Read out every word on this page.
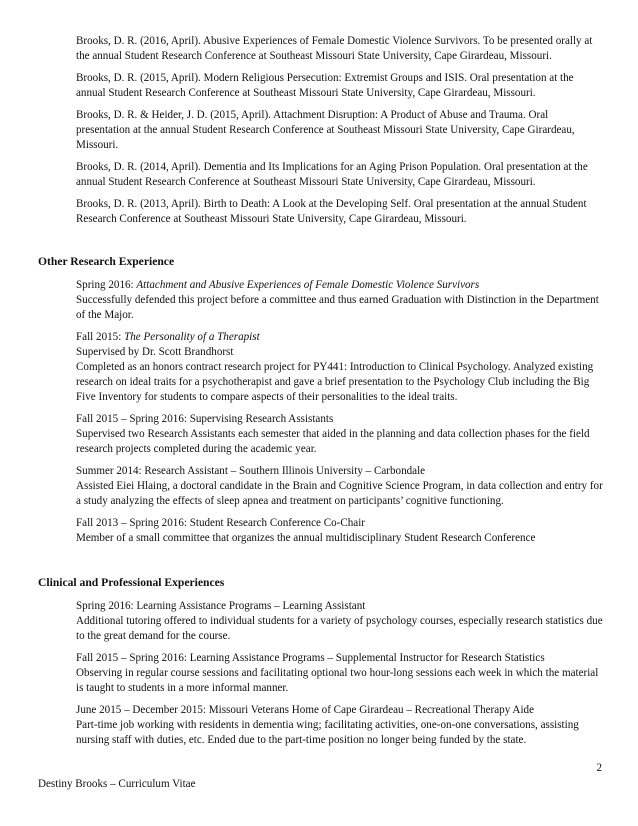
Brooks, D. R. (2016, April). Abusive Experiences of Female Domestic Violence Survivors. To be presented orally at the annual Student Research Conference at Southeast Missouri State University, Cape Girardeau, Missouri.

Brooks, D. R. (2015, April). Modern Religious Persecution: Extremist Groups and ISIS. Oral presentation at the annual Student Research Conference at Southeast Missouri State University, Cape Girardeau, Missouri.

Brooks, D. R. & Heider, J. D. (2015, April). Attachment Disruption: A Product of Abuse and Trauma. Oral presentation at the annual Student Research Conference at Southeast Missouri State University, Cape Girardeau, Missouri.

Brooks, D. R. (2014, April). Dementia and Its Implications for an Aging Prison Population. Oral presentation at the annual Student Research Conference at Southeast Missouri State University, Cape Girardeau, Missouri.

Brooks, D. R. (2013, April). Birth to Death: A Look at the Developing Self. Oral presentation at the annual Student Research Conference at Southeast Missouri State University, Cape Girardeau, Missouri.

Other Research Experience

Spring 2016: Attachment and Abusive Experiences of Female Domestic Violence Survivors

Successfully defended this project before a committee and thus earned Graduation with Distinction in the Department of the Major.

Fall 2015: The Personality of a Therapist

Supervised by Dr. Scott Brandhorst

Completed as an honors contract research project for PY441: Introduction to Clinical Psychology. Analyzed existing research on ideal traits for a psychotherapist and gave a brief presentation to the Psychology Club including the Big Five Inventory for students to compare aspects of their personalities to the ideal traits.

Fall 2015 – Spring 2016: Supervising Research Assistants

Supervised two Research Assistants each semester that aided in the planning and data collection phases for the field research projects completed during the academic year.

Summer 2014: Research Assistant – Southern Illinois University – Carbondale

Assisted Eiei Hlaing, a doctoral candidate in the Brain and Cognitive Science Program, in data collection and entry for a study analyzing the effects of sleep apnea and treatment on participants’ cognitive functioning.

Fall 2013 – Spring 2016: Student Research Conference Co-Chair

Member of a small committee that organizes the annual multidisciplinary Student Research Conference

Clinical and Professional Experiences

Spring 2016: Learning Assistance Programs – Learning Assistant

Additional tutoring offered to individual students for a variety of psychology courses, especially research statistics due to the great demand for the course.

Fall 2015 – Spring 2016: Learning Assistance Programs – Supplemental Instructor for Research Statistics

Observing in regular course sessions and facilitating optional two hour-long sessions each week in which the material is taught to students in a more informal manner.

June 2015 – December 2015: Missouri Veterans Home of Cape Girardeau – Recreational Therapy Aide

Part-time job working with residents in dementia wing; facilitating activities, one-on-one conversations, assisting nursing staff with duties, etc. Ended due to the part-time position no longer being funded by the state.

2
Destiny Brooks – Curriculum Vitae
